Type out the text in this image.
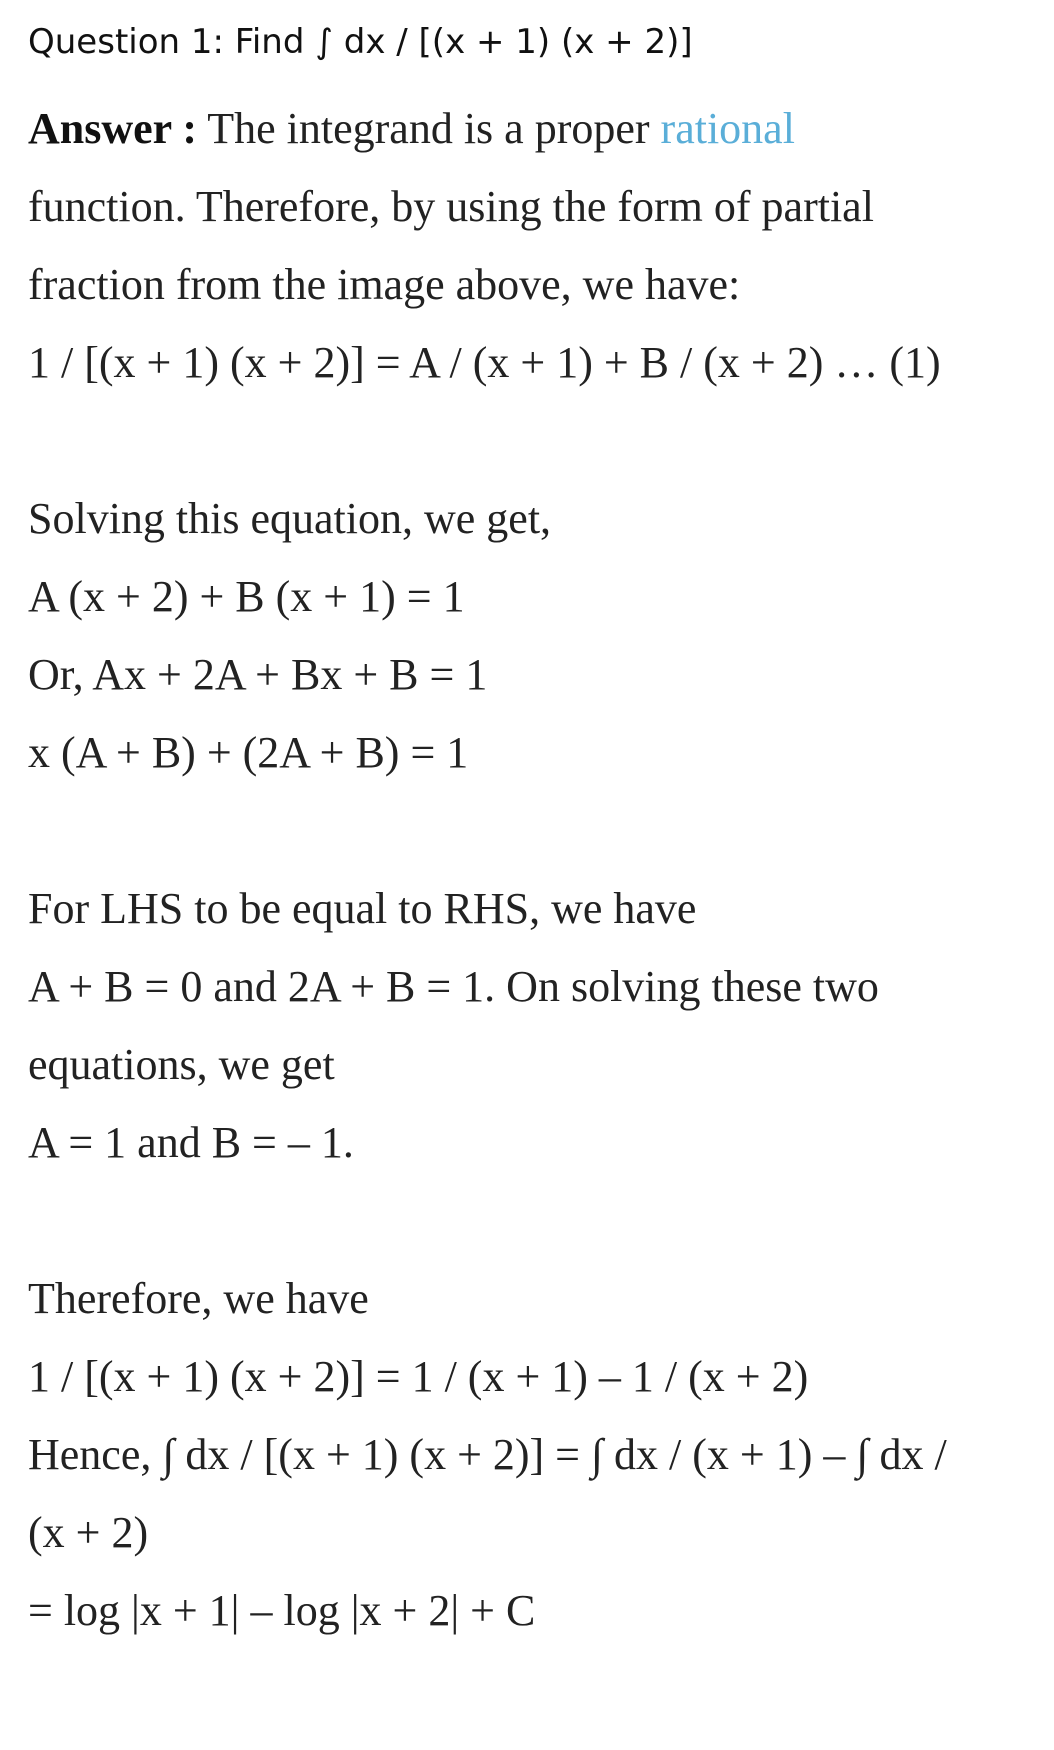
Question 1: Find ∫ dx / [(x + 1) (x + 2)]

Answer : The integrand is a proper rational
function. Therefore, by using the form of partial
fraction from the image above, we have:
1 / [(x + 1) (x + 2)] = A / (x + 1) + B / (x + 2) … (1)
Solving this equation, we get,
A (x + 2) + B (x + 1) = 1
Or, Ax + 2A + Bx + B = 1
x (A + B) + (2A + B) = 1
For LHS to be equal to RHS, we have
A + B = 0 and 2A + B = 1. On solving these two
equations, we get
A = 1 and B = – 1.
Therefore, we have
1 / [(x + 1) (x + 2)] = 1 / (x + 1) – 1 / (x + 2)
Hence, ∫ dx / [(x + 1) (x + 2)] = ∫ dx / (x + 1) – ∫ dx /
(x + 2)
= log |x + 1| – log |x + 2| + C
